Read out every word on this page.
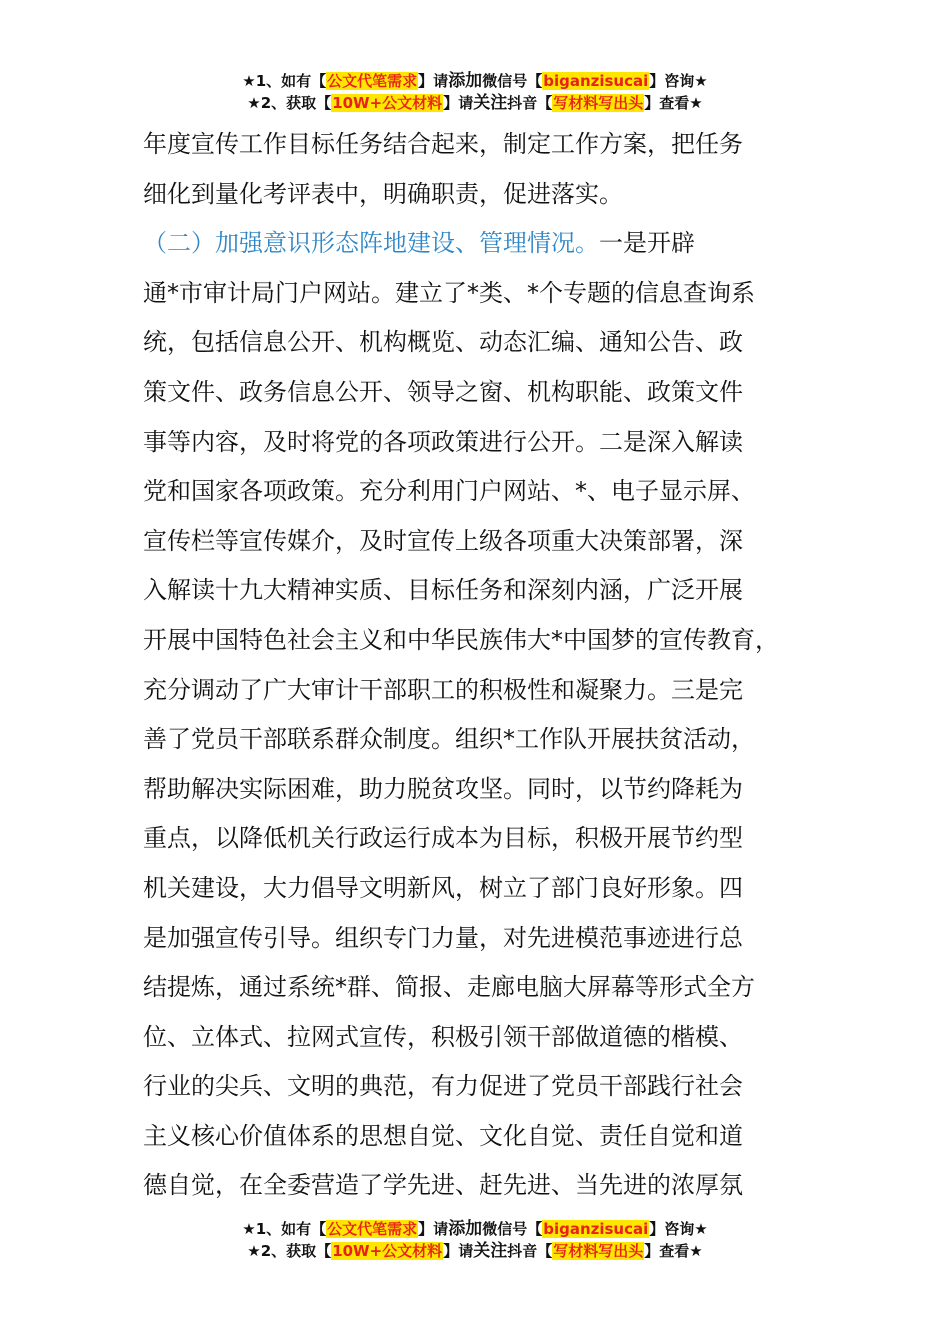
★1、如有【公文代笔需求】请添加微信号【biganzisucai】咨询★
★2、获取【10W+公文材料】请关注抖音【写材料写出头】查看★
年度宣传工作目标任务结合起来，制定工作方案，把任务
细化到量化考评表中，明确职责，促进落实。
（二）加强意识形态阵地建设、管理情况。一是开辟
通*市审计局门户网站。建立了*类、*个专题的信息查询系
统，包括信息公开、机构概览、动态汇编、通知公告、政
策文件、政务信息公开、领导之窗、机构职能、政策文件
事等内容，及时将党的各项政策进行公开。二是深入解读
党和国家各项政策。充分利用门户网站、*、电子显示屏、
宣传栏等宣传媒介，及时宣传上级各项重大决策部署，深
入解读十九大精神实质、目标任务和深刻内涵，广泛开展
开展中国特色社会主义和中华民族伟大*中国梦的宣传教育，
充分调动了广大审计干部职工的积极性和凝聚力。三是完
善了党员干部联系群众制度。组织*工作队开展扶贫活动，
帮助解决实际困难，助力脱贫攻坚。同时，以节约降耗为
重点，以降低机关行政运行成本为目标，积极开展节约型
机关建设，大力倡导文明新风，树立了部门良好形象。四
是加强宣传引导。组织专门力量，对先进模范事迹进行总
结提炼，通过系统*群、简报、走廊电脑大屏幕等形式全方
位、立体式、拉网式宣传，积极引领干部做道德的楷模、
行业的尖兵、文明的典范，有力促进了党员干部践行社会
主义核心价值体系的思想自觉、文化自觉、责任自觉和道
德自觉，在全委营造了学先进、赶先进、当先进的浓厚氛
★1、如有【公文代笔需求】请添加微信号【biganzisucai】咨询★
★2、获取【10W+公文材料】请关注抖音【写材料写出头】查看★
